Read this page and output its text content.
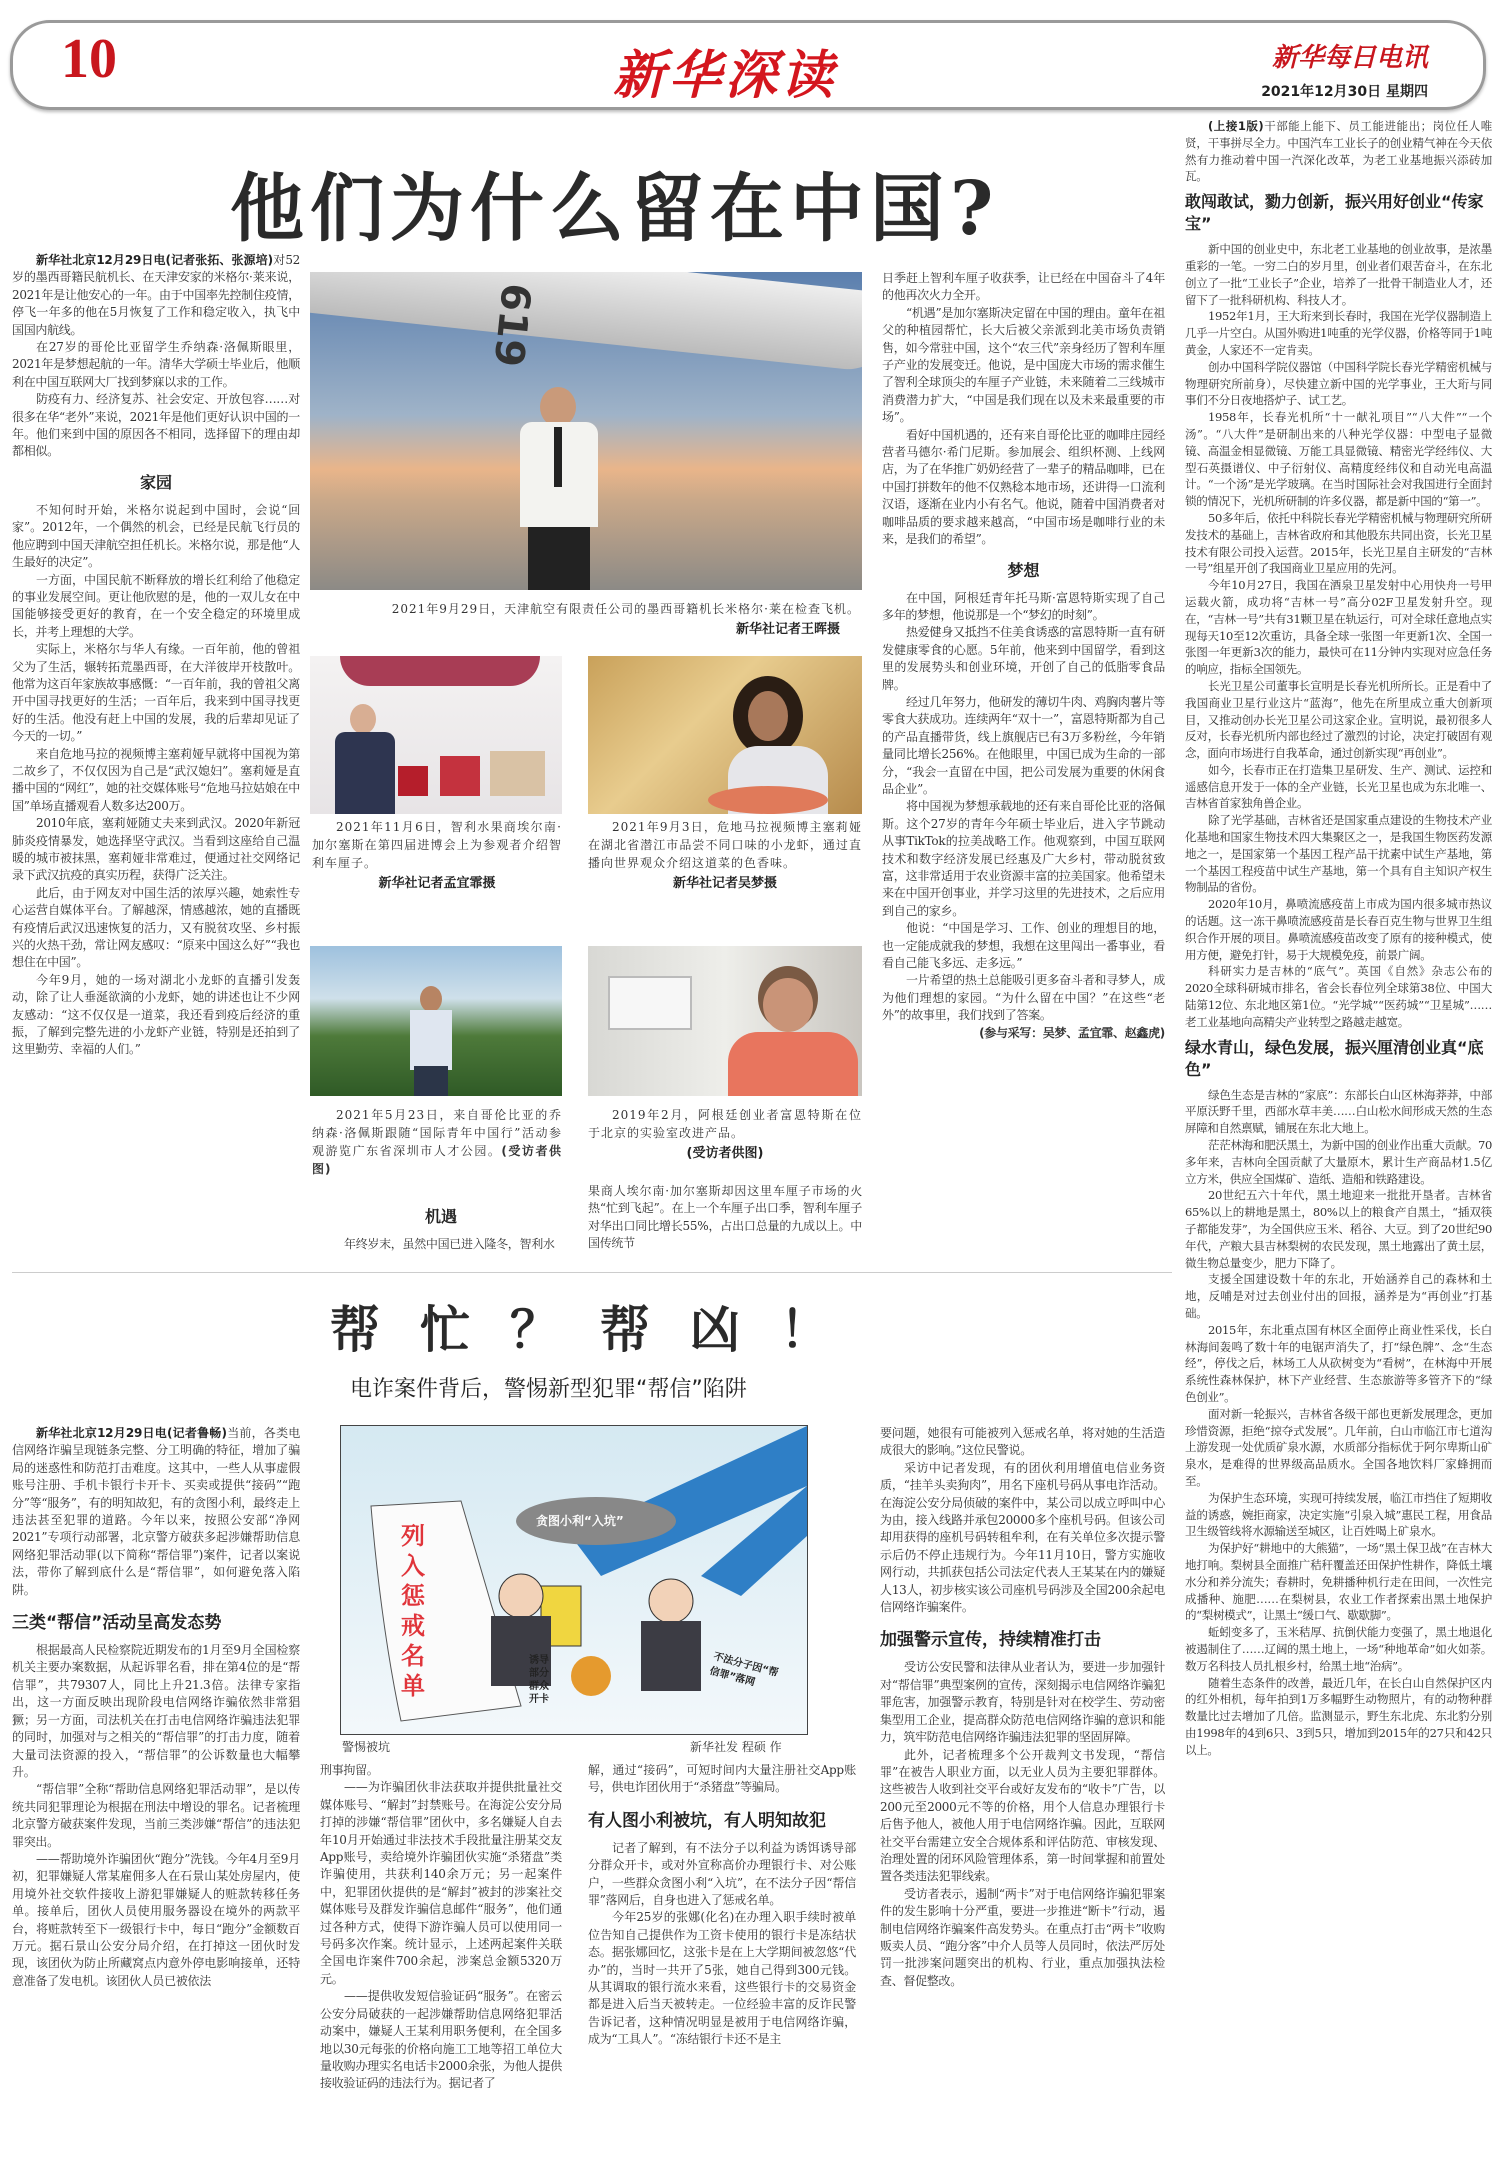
10	新华深读	新华每日电讯
2021年12月30日 星期四
他们为什么留在中国?

新华社北京12月29日电(记者张拓、张源培)对52岁的墨西哥籍民航机长、在天津安家的米格尔·莱来说，2021年是让他安心的一年。由于中国率先控制住疫情，停飞一年多的他在5月恢复了工作和稳定收入，执飞中国国内航线。

在27岁的哥伦比亚留学生乔纳森·洛佩斯眼里，2021年是梦想起航的一年。清华大学硕士毕业后，他顺利在中国互联网大厂找到梦寐以求的工作。

防疫有力、经济复苏、社会安定、开放包容……对很多在华“老外”来说，2021年是他们更好认识中国的一年。他们来到中国的原因各不相同，选择留下的理由却都相似。

家园

不知何时开始，米格尔说起到中国时，会说“回家”。2012年，一个偶然的机会，已经是民航飞行员的他应聘到中国天津航空担任机长。米格尔说，那是他“人生最好的决定”。

一方面，中国民航不断释放的增长红利给了他稳定的事业发展空间。更让他欣慰的是，他的一双儿女在中国能够接受更好的教育，在一个安全稳定的环境里成长，并考上理想的大学。

实际上，米格尔与华人有缘。一百年前，他的曾祖父为了生活，辗转拓荒墨西哥，在大洋彼岸开枝散叶。他常为这百年家族故事感慨：“一百年前，我的曾祖父离开中国寻找更好的生活；一百年后，我来到中国寻找更好的生活。他没有赶上中国的发展，我的后辈却见证了今天的一切。”

来自危地马拉的视频博主塞莉娅早就将中国视为第二故乡了，不仅仅因为自己是“武汉媳妇”。塞莉娅是直播中国的“网红”，她的社交媒体账号“危地马拉姑娘在中国”单场直播观看人数多达200万。

2010年底，塞莉娅随丈夫来到武汉。2020年新冠肺炎疫情暴发，她选择坚守武汉。当看到这座给自己温暖的城市被抹黑，塞莉娅非常难过，便通过社交网络记录下武汉抗疫的真实历程，获得广泛关注。

此后，由于网友对中国生活的浓厚兴趣，她索性专心运营自媒体平台。了解越深，情感越浓，她的直播既有疫情后武汉迅速恢复的活力，又有脱贫攻坚、乡村振兴的火热干劲，常让网友感叹：“原来中国这么好”“我也想住在中国”。

今年9月，她的一场对湖北小龙虾的直播引发轰动，除了让人垂涎欲滴的小龙虾，她的讲述也让不少网友感动：“这不仅仅是一道菜，我还看到疫后经济的重振，了解到完整先进的小龙虾产业链，特别是还拍到了这里勤劳、幸福的人们。”

日季赶上智利车厘子收获季，让已经在中国奋斗了4年的他再次火力全开。

“机遇”是加尔塞斯决定留在中国的理由。童年在祖父的种植园帮忙，长大后被父亲派到北美市场负责销售，如今常驻中国，这个“农三代”亲身经历了智利车厘子产业的发展变迁。他说，是中国庞大市场的需求催生了智利全球顶尖的车厘子产业链，未来随着二三线城市消费潜力扩大，“中国是我们现在以及未来最重要的市场”。

看好中国机遇的，还有来自哥伦比亚的咖啡庄园经营者马德尔·希门尼斯。参加展会、组织杯测、上线网店，为了在华推广奶奶经营了一辈子的精品咖啡，已在中国打拼数年的他不仅熟稔本地市场，还讲得一口流利汉语，逐渐在业内小有名气。他说，随着中国消费者对咖啡品质的要求越来越高，“中国市场是咖啡行业的未来，是我们的希望”。

梦想

在中国，阿根廷青年托马斯·富恩特斯实现了自己多年的梦想，他说那是一个“梦幻的时刻”。

热爱健身又抵挡不住美食诱惑的富恩特斯一直有研发健康零食的心愿。5年前，他来到中国留学，看到这里的发展势头和创业环境，开创了自己的低脂零食品牌。

经过几年努力，他研发的薄切牛肉、鸡胸肉薯片等零食大获成功。连续两年“双十一”，富恩特斯都为自己的产品直播带货，线上旗舰店已有3万多粉丝，今年销量同比增长256%。在他眼里，中国已成为生命的一部分，“我会一直留在中国，把公司发展为重要的休闲食品企业”。

将中国视为梦想承载地的还有来自哥伦比亚的洛佩斯。这个27岁的青年今年硕士毕业后，进入字节跳动从事TikTok的拉美战略工作。他观察到，中国互联网技术和数字经济发展已经惠及广大乡村，带动脱贫致富，这非常适用于农业资源丰富的拉美国家。他希望未来在中国开创事业，并学习这里的先进技术，之后应用到自己的家乡。

他说：“中国是学习、工作、创业的理想目的地，也一定能成就我的梦想，我想在这里闯出一番事业，看看自己能飞多远、走多远。”

一片希望的热土总能吸引更多奋斗者和寻梦人，成为他们理想的家园。“为什么留在中国？”在这些“老外”的故事里，我们找到了答案。

(参与采写：吴梦、孟宜霏、赵鑫虎)

619
2021年9月29日，天津航空有限责任公司的墨西哥籍机长米格尔·莱在检查飞机。
新华社记者王晖摄
2021年11月6日，智利水果商埃尔南·加尔塞斯在第四届进博会上为参观者介绍智利车厘子。
新华社记者孟宜霏摄
2021年9月3日，危地马拉视频博主塞莉娅在湖北省潜江市品尝不同口味的小龙虾，通过直播向世界观众介绍这道菜的色香味。
新华社记者吴梦摄
2021年5月23日，来自哥伦比亚的乔纳森·洛佩斯跟随“国际青年中国行”活动参观游览广东省深圳市人才公园。(受访者供图)
2019年2月，阿根廷创业者富恩特斯在位于北京的实验室改进产品。
(受访者供图)
机遇

年终岁末，虽然中国已进入隆冬，智利水

果商人埃尔南·加尔塞斯却因这里车厘子市场的火热“忙到飞起”。在上一个车厘子出口季，智利车厘子对华出口同比增长55%，占出口总量的九成以上。中国传统节

(上接1版)干部能上能下、员工能进能出；岗位任人唯贤，干事拼尽全力。中国汽车工业长子的创业精气神在今天依然有力推动着中国一汽深化改革，为老工业基地振兴添砖加瓦。

敢闯敢试，勠力创新，振兴用好创业“传家宝”

新中国的创业史中，东北老工业基地的创业故事，是浓墨重彩的一笔。一穷二白的岁月里，创业者们艰苦奋斗，在东北创立了一批“工业长子”企业，培养了一批骨干制造业人才，还留下了一批科研机构、科技人才。

1952年1月，王大珩来到长春时，我国在光学仪器制造上几乎一片空白。从国外购进1吨重的光学仪器，价格等同于1吨黄金，人家还不一定肯卖。

创办中国科学院仪器馆（中国科学院长春光学精密机械与物理研究所前身），尽快建立新中国的光学事业，王大珩与同事们不分日夜地搭炉子、试工艺。

1958年，长春光机所“十一献礼项目”“八大件”“一个汤”。“八大件”是研制出来的八种光学仪器：中型电子显微镜、高温金相显微镜、万能工具显微镜、精密光学经纬仪、大型石英摄谱仪、中子衍射仪、高精度经纬仪和自动光电高温计。“一个汤”是光学玻璃。在当时国际社会对我国进行全面封锁的情况下，光机所研制的许多仪器，都是新中国的“第一”。

50多年后，依托中科院长春光学精密机械与物理研究所研发技术的基础上，吉林省政府和其他股东共同出资，长光卫星技术有限公司投入运营。2015年，长光卫星自主研发的“吉林一号”组星开创了我国商业卫星应用的先河。

今年10月27日，我国在酒泉卫星发射中心用快舟一号甲运载火箭，成功将“吉林一号”高分02F卫星发射升空。现在，“吉林一号”共有31颗卫星在轨运行，可对全球任意地点实现每天10至12次重访，具备全球一张图一年更新1次、全国一张图一年更新3次的能力，最快可在11分钟内实现对应急任务的响应，指标全国领先。

长光卫星公司董事长宣明是长春光机所所长。正是看中了我国商业卫星行业这片“蓝海”，他先在所里成立重大创新项目，又推动创办长光卫星公司这家企业。宣明说，最初很多人反对，长春光机所内部也经过了激烈的讨论，决定打破固有观念，面向市场进行自我革命，通过创新实现“再创业”。

如今，长春市正在打造集卫星研发、生产、测试、运控和遥感信息开发于一体的全产业链，长光卫星也成为东北唯一、吉林省首家独角兽企业。

除了光学基础，吉林省还是国家重点建设的生物技术产业化基地和国家生物技术四大集聚区之一，是我国生物医药发源地之一，是国家第一个基因工程产品干扰素中试生产基地，第一个基因工程疫苗中试生产基地，第一个具有自主知识产权生物制品的省份。

2020年10月，鼻喷流感疫苗上市成为国内很多城市热议的话题。这一冻干鼻喷流感疫苗是长春百克生物与世界卫生组织合作开展的项目。鼻喷流感疫苗改变了原有的接种模式，使用方便，避免打针，易于大规模免疫，前景广阔。

科研实力是吉林的“底气”。英国《自然》杂志公布的2020全球科研城市排名，省会长春位列全球第38位、中国大陆第12位、东北地区第1位。“光学城”“医药城”“卫星城”……老工业基地向高精尖产业转型之路越走越宽。

绿水青山，绿色发展，振兴厘清创业真“底色”

绿色生态是吉林的“家底”：东部长白山区林海莽莽，中部平原沃野千里，西部水草丰美……白山松水间形成天然的生态屏障和自然禀赋，铺展在东北大地上。

茫茫林海和肥沃黑土，为新中国的创业作出重大贡献。70多年来，吉林向全国贡献了大量原木，累计生产商品材1.5亿立方米，供应全国煤矿、造纸、造船和铁路建设。

20世纪五六十年代，黑土地迎来一批批开垦者。吉林省65%以上的耕地是黑土，80%以上的粮食产自黑土，“插双筷子都能发芽”，为全国供应玉米、稻谷、大豆。到了20世纪90年代，产粮大县吉林梨树的农民发现，黑土地露出了黄土层，微生物总量变少，肥力下降了。

支援全国建设数十年的东北，开始涵养自己的森林和土地，反哺是对过去创业付出的回报，涵养是为“再创业”打基础。

2015年，东北重点国有林区全面停止商业性采伐，长白林海间轰鸣了数十年的电锯声消失了，打“绿色牌”、念“生态经”，停伐之后，林场工人从砍树变为“看树”，在林海中开展系统性森林保护，林下产业经营、生态旅游等多管齐下的“绿色创业”。

面对新一轮振兴，吉林省各级干部也更新发展理念，更加珍惜资源，拒绝“掠夺式发展”。几年前，白山市临江市七道沟上游发现一处优质矿泉水源，水质部分指标优于阿尔卑斯山矿泉水，是难得的世界级高品质水。全国各地饮料厂家蜂拥而至。

为保护生态环境，实现可持续发展，临江市挡住了短期收益的诱惑，婉拒商家，决定实施“引泉入城”惠民工程，用食品卫生级管线将水源输送至城区，让百姓喝上矿泉水。

为保护好“耕地中的大熊猫”，一场“黑土保卫战”在吉林大地打响。梨树县全面推广秸秆覆盖还田保护性耕作，降低土壤水分和养分流失；春耕时，免耕播种机行走在田间，一次性完成播种、施肥……在梨树县，农业工作者探索出黑土地保护的“梨树模式”，让黑土“缓口气、歇歇脚”。

蚯蚓变多了，玉米秸厚、抗倒伏能力变强了，黑土地退化被遏制住了……辽阔的黑土地上，一场“种地革命”如火如荼。数万名科技人员扎根乡村，给黑土地“治病”。

随着生态条件的改善，最近几年，在长白山自然保护区内的红外相机，每年拍到1万多幅野生动物照片，有的动物种群数量比过去增加了几倍。监测显示，野生东北虎、东北豹分别由1998年的4到6只、3到5只，增加到2015年的27只和42只以上。

帮 忙 ？ 帮 凶 ！
电诈案件背后，警惕新型犯罪“帮信”陷阱
列入惩戒名单
贪图小利“入坑”
诱导部分群众开卡
不法分子因“帮信罪”落网
警惕被坑	新华社发 程硕 作

新华社北京12月29日电(记者鲁畅)当前，各类电信网络诈骗呈现链条完整、分工明确的特征，增加了骗局的迷惑性和防范打击难度。这其中，一些人从事虚假账号注册、手机卡银行卡开卡、买卖或提供“接码”“跑分”等“服务”，有的明知故犯，有的贪图小利，最终走上违法甚至犯罪的道路。今年以来，按照公安部“净网2021”专项行动部署，北京警方破获多起涉嫌帮助信息网络犯罪活动罪(以下简称“帮信罪”)案件，记者以案说法，带你了解到底什么是“帮信罪”，如何避免落入陷阱。

三类“帮信”活动呈高发态势

根据最高人民检察院近期发布的1月至9月全国检察机关主要办案数据，从起诉罪名看，排在第4位的是“帮信罪”，共79307人，同比上升21.3倍。法律专家指出，这一方面反映出现阶段电信网络诈骗依然非常猖獗；另一方面，司法机关在打击电信网络诈骗违法犯罪的同时，加强对与之相关的“帮信罪”的打击力度，随着大量司法资源的投入，“帮信罪”的公诉数量也大幅攀升。

“帮信罪”全称“帮助信息网络犯罪活动罪”，是以传统共同犯罪理论为根据在刑法中增设的罪名。记者梳理北京警方破获案件发现，当前三类涉嫌“帮信”的违法犯罪突出。

——帮助境外诈骗团伙“跑分”洗钱。今年4月至9月初，犯罪嫌疑人常某雇佣多人在石景山某处房屋内，使用境外社交软件接收上游犯罪嫌疑人的赃款转移任务单。接单后，团伙人员使用服务器设在境外的两款平台，将赃款转至下一级银行卡中，每日“跑分”金额数百万元。据石景山公安分局介绍，在打掉这一团伙时发现，该团伙为防止所藏窝点内意外停电影响接单，还特意准备了发电机。该团伙人员已被依法

刑事拘留。

——为诈骗团伙非法获取并提供批量社交媒体账号、“解封”封禁账号。在海淀公安分局打掉的涉嫌“帮信罪”团伙中，多名嫌疑人自去年10月开始通过非法技术手段批量注册某交友App账号，卖给境外诈骗团伙实施“杀猪盘”类诈骗使用，共获利140余万元；另一起案件中，犯罪团伙提供的是“解封”被封的涉案社交媒体账号及群发诈骗信息邮件“服务”，他们通过各种方式，使得下游诈骗人员可以使用同一号码多次作案。统计显示，上述两起案件关联全国电诈案件700余起，涉案总金额5320万元。

——提供收发短信验证码“服务”。在密云公安分局破获的一起涉嫌帮助信息网络犯罪活动案中，嫌疑人王某利用职务便利，在全国多地以30元每张的价格向施工工地等招工单位大量收购办理实名电话卡2000余张，为他人提供接收验证码的违法行为。据记者了

解，通过“接码”，可短时间内大量注册社交App账号，供电诈团伙用于“杀猪盘”等骗局。

有人图小利被坑，有人明知故犯

记者了解到，有不法分子以利益为诱饵诱导部分群众开卡，或对外宣称高价办理银行卡、对公账户，一些群众贪图小利“入坑”，在不法分子因“帮信罪”落网后，自身也进入了惩戒名单。

今年25岁的张娜(化名)在办理入职手续时被单位告知自己提供作为工资卡使用的银行卡是冻结状态。据张娜回忆，这张卡是在上大学期间被忽悠“代办”的，当时一共开了5张，她自己得到300元钱。从其调取的银行流水来看，这些银行卡的交易资金都是进入后当天被转走。一位经验丰富的反诈民警告诉记者，这种情况明显是被用于电信网络诈骗，成为“工具人”。“冻结银行卡还不是主

要问题，她很有可能被列入惩戒名单，将对她的生活造成很大的影响。”这位民警说。

采访中记者发现，有的团伙利用增值电信业务资质，“挂羊头卖狗肉”，用名下座机号码从事电诈活动。在海淀公安分局侦破的案件中，某公司以成立呼叫中心为由，接入线路并承包20000多个座机号码。但该公司却用获得的座机号码转租牟利，在有关单位多次提示警示后仍不停止违规行为。今年11月10日，警方实施收网行动，共抓获包括公司法定代表人王某某在内的嫌疑人13人，初步核实该公司座机号码涉及全国200余起电信网络诈骗案件。

加强警示宣传，持续精准打击

受访公安民警和法律从业者认为，要进一步加强针对“帮信罪”典型案例的宣传，深刻揭示电信网络诈骗犯罪危害，加强警示教育，特别是针对在校学生、劳动密集型用工企业，提高群众防范电信网络诈骗的意识和能力，筑牢防范电信网络诈骗违法犯罪的坚固屏障。

此外，记者梳理多个公开裁判文书发现，“帮信罪”在被告人职业方面，以无业人员为主要犯罪群体。这些被告人收到社交平台或好友发布的“收卡”广告，以200元至2000元不等的价格，用个人信息办理银行卡后售予他人，被他人用于电信网络诈骗。因此，互联网社交平台需建立安全合规体系和评估防范、审核发现、治理处置的闭环风险管理体系，第一时间掌握和前置处置各类违法犯罪线索。

受访者表示，遏制“两卡”对于电信网络诈骗犯罪案件的发生影响十分严重，要进一步推进“断卡”行动，遏制电信网络诈骗案件高发势头。在重点打击“两卡”收购贩卖人员、“跑分客”中介人员等人员同时，依法严厉处罚一批涉案问题突出的机构、行业，重点加强执法检查、督促整改。
